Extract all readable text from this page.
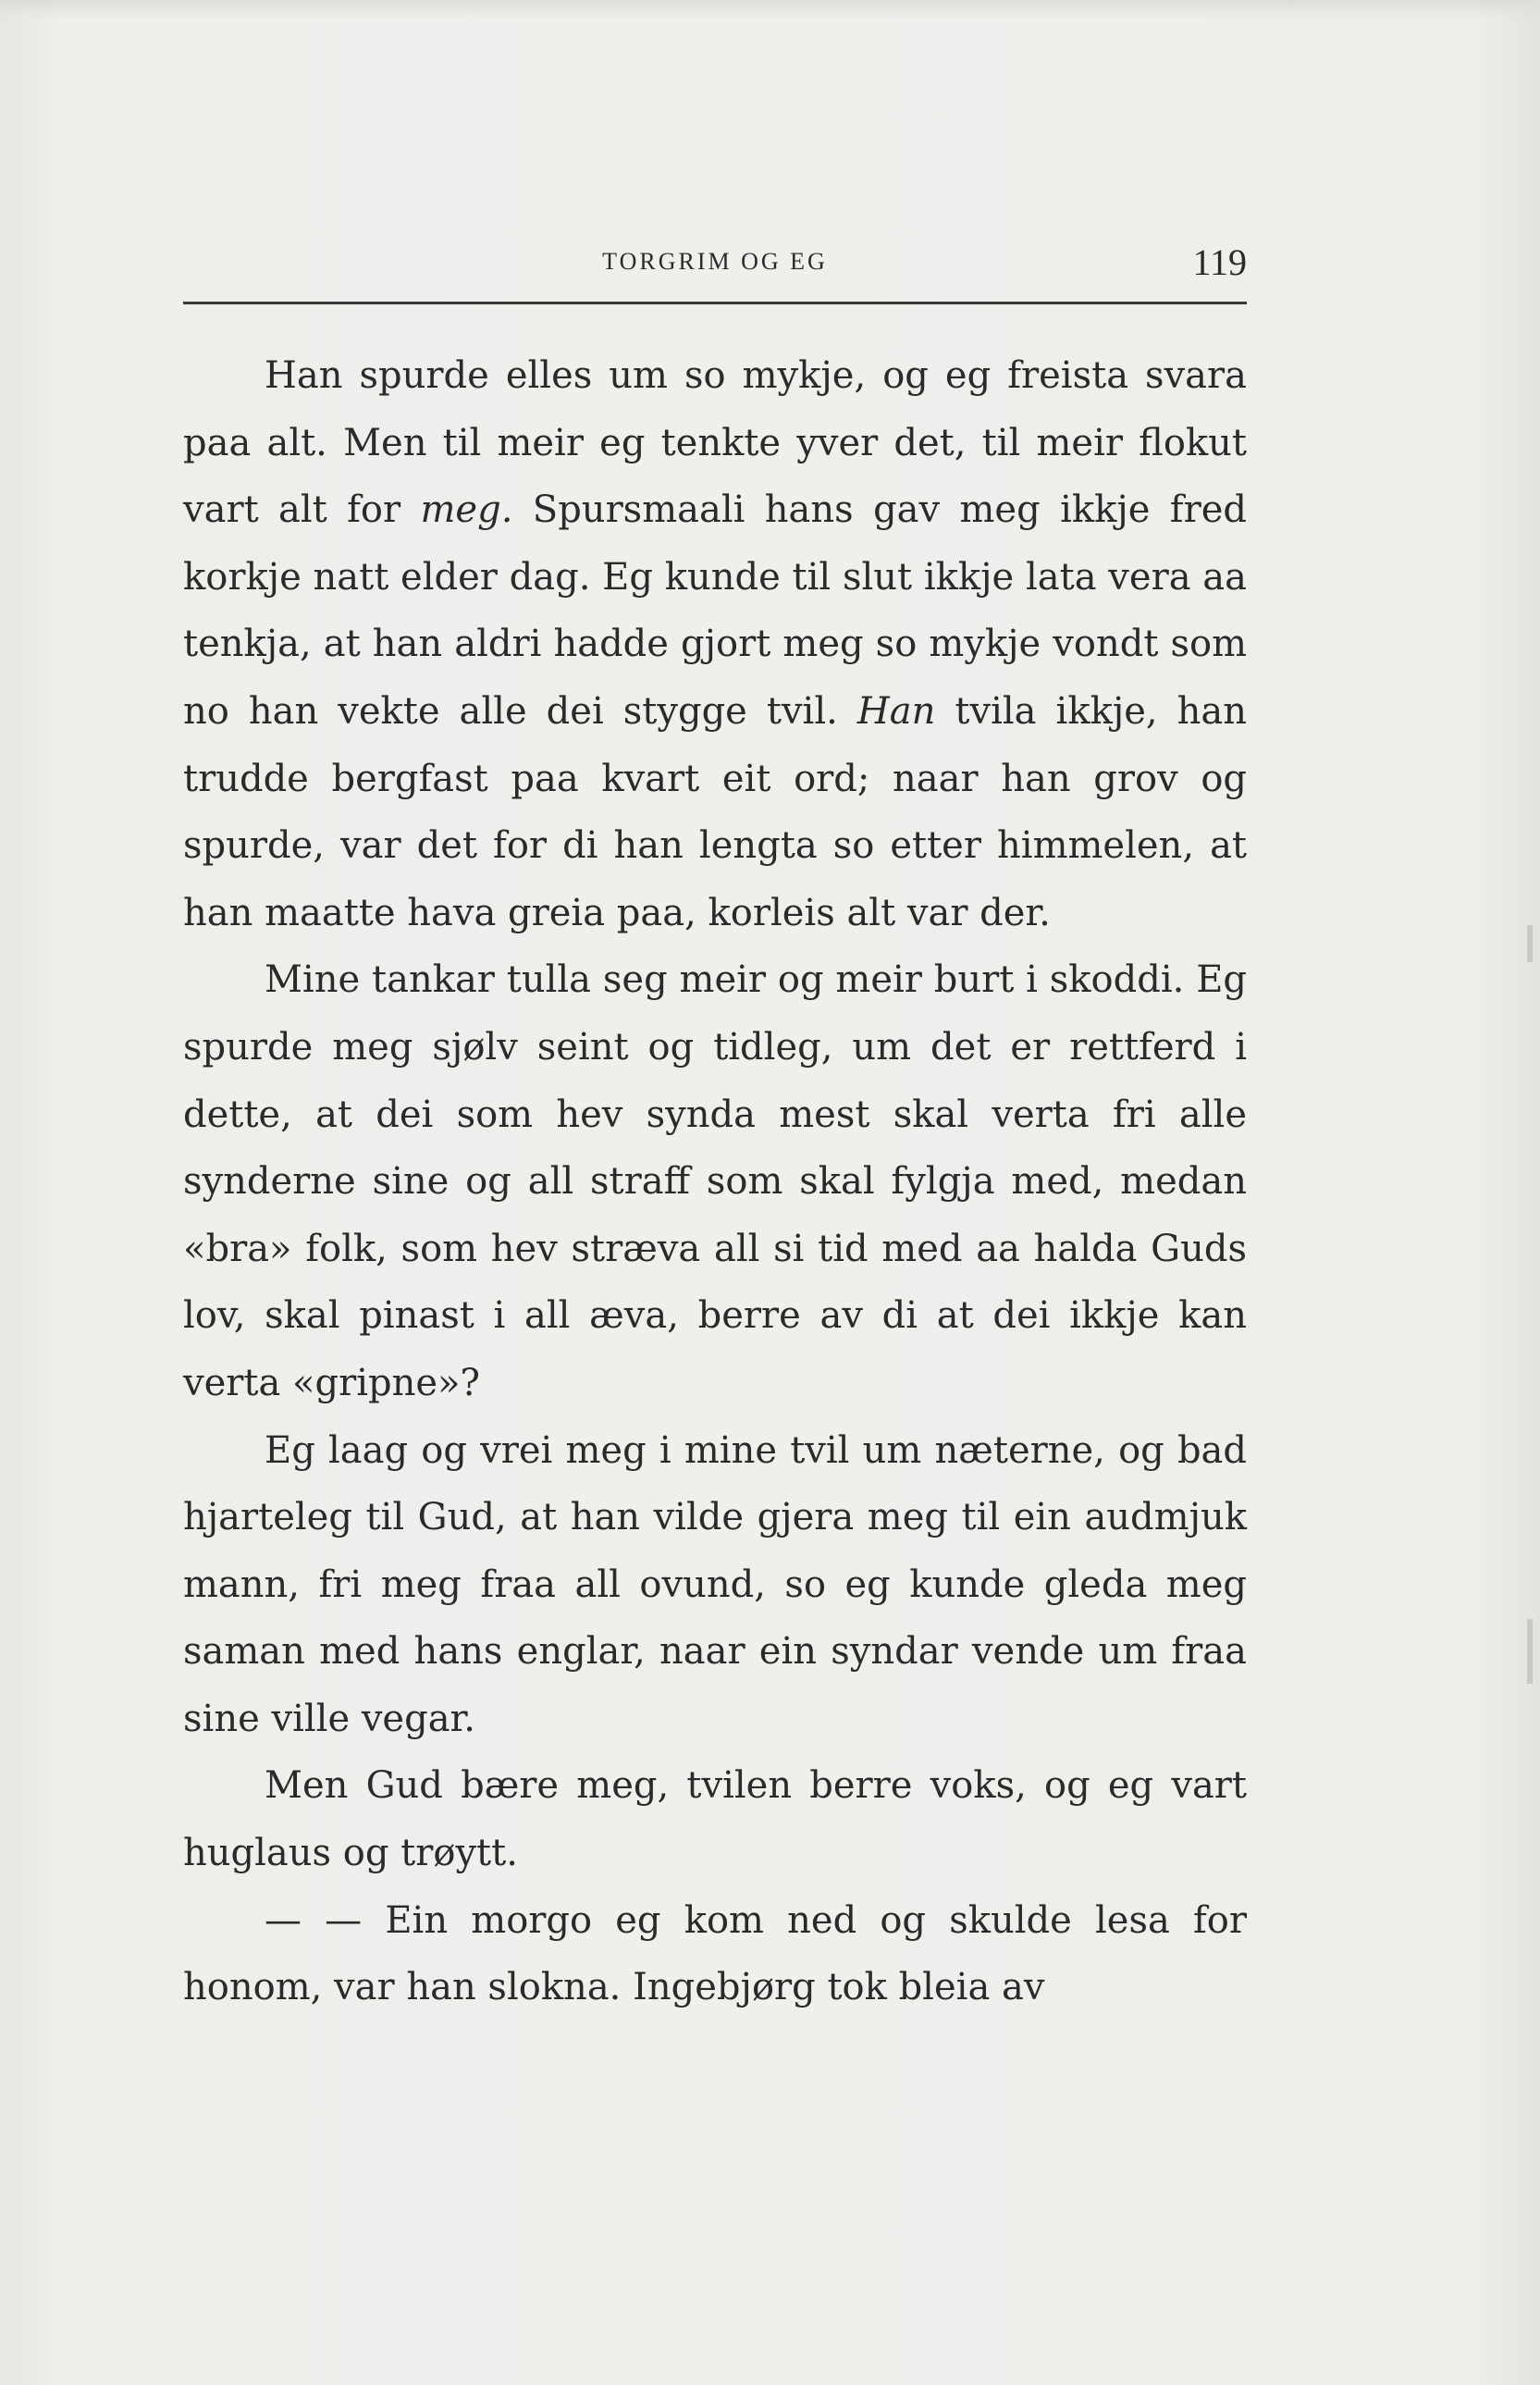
TORGRIM OG EG	119

Han spurde elles um so mykje, og eg freista svara paa alt. Men til meir eg tenkte yver det, til meir flokut vart alt for meg. Spursmaali hans gav meg ikkje fred korkje natt elder dag. Eg kunde til slut ikkje lata vera aa tenkja, at han aldri hadde gjort meg so mykje vondt som no han vekte alle dei stygge tvil. Han tvila ikkje, han trudde bergfast paa kvart eit ord; naar han grov og spurde, var det for di han lengta so etter himmelen, at han maatte hava greia paa, korleis alt var der.

Mine tankar tulla seg meir og meir burt i skoddi. Eg spurde meg sjølv seint og tidleg, um det er rettferd i dette, at dei som hev synda mest skal verta fri alle synderne sine og all straff som skal fylgja med, medan «bra» folk, som hev stræva all si tid med aa halda Guds lov, skal pinast i all æva, berre av di at dei ikkje kan verta «gripne»?

Eg laag og vrei meg i mine tvil um næterne, og bad hjarteleg til Gud, at han vilde gjera meg til ein audmjuk mann, fri meg fraa all ovund, so eg kunde gleda meg saman med hans englar, naar ein syndar vende um fraa sine ville vegar.

Men Gud bære meg, tvilen berre voks, og eg vart huglaus og trøytt.

— — Ein morgo eg kom ned og skulde lesa for honom, var han slokna. Ingebjørg tok bleia av
